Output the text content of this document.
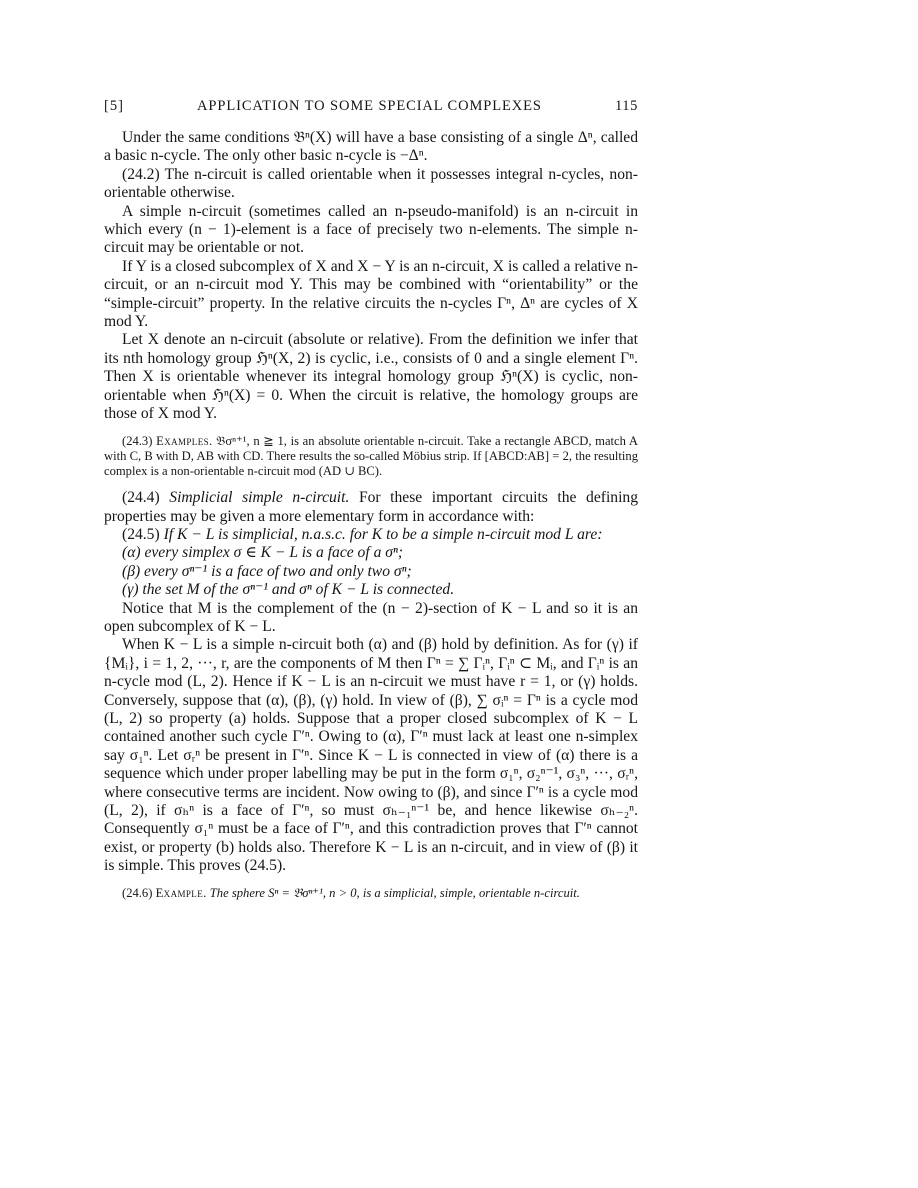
[5]	APPLICATION TO SOME SPECIAL COMPLEXES	115

Under the same conditions 𝔅ⁿ(X) will have a base consisting of a single Δⁿ, called a basic n-cycle. The only other basic n-cycle is −Δⁿ.

(24.2) The n-circuit is called orientable when it possesses integral n-cycles, non-orientable otherwise.

A simple n-circuit (sometimes called an n-pseudo-manifold) is an n-circuit in which every (n − 1)-element is a face of precisely two n-elements. The simple n-circuit may be orientable or not.

If Y is a closed subcomplex of X and X − Y is an n-circuit, X is called a relative n-circuit, or an n-circuit mod Y. This may be combined with “orientability” or the “simple-circuit” property. In the relative circuits the n-cycles Γⁿ, Δⁿ are cycles of X mod Y.

Let X denote an n-circuit (absolute or relative). From the definition we infer that its nth homology group ℌⁿ(X, 2) is cyclic, i.e., consists of 0 and a single element Γⁿ. Then X is orientable whenever its integral homology group ℌⁿ(X) is cyclic, non-orientable when ℌⁿ(X) = 0. When the circuit is relative, the homology groups are those of X mod Y.

(24.3) Examples. 𝔅σⁿ⁺¹, n ≧ 1, is an absolute orientable n-circuit. Take a rectangle ABCD, match A with C, B with D, AB with CD. There results the so-called Möbius strip. If [ABCD:AB] = 2, the resulting complex is a non-orientable n-circuit mod (AD ∪ BC).

(24.4) Simplicial simple n-circuit. For these important circuits the defining properties may be given a more elementary form in accordance with:

(24.5) If K − L is simplicial, n.a.s.c. for K to be a simple n-circuit mod L are:

(α) every simplex σ ∈ K − L is a face of a σⁿ;

(β) every σⁿ⁻¹ is a face of two and only two σⁿ;

(γ) the set M of the σⁿ⁻¹ and σⁿ of K − L is connected.

Notice that M is the complement of the (n − 2)-section of K − L and so it is an open subcomplex of K − L.

When K − L is a simple n-circuit both (α) and (β) hold by definition. As for (γ) if {Mᵢ}, i = 1, 2, ···, r, are the components of M then Γⁿ = ∑ Γᵢⁿ, Γᵢⁿ ⊂ Mᵢ, and Γᵢⁿ is an n-cycle mod (L, 2). Hence if K − L is an n-circuit we must have r = 1, or (γ) holds. Conversely, suppose that (α), (β), (γ) hold. In view of (β), ∑ σᵢⁿ = Γⁿ is a cycle mod (L, 2) so property (a) holds. Suppose that a proper closed subcomplex of K − L contained another such cycle Γ′ⁿ. Owing to (α), Γ′ⁿ must lack at least one n-simplex say σ₁ⁿ. Let σᵣⁿ be present in Γ′ⁿ. Since K − L is connected in view of (α) there is a sequence which under proper labelling may be put in the form σ₁ⁿ, σ₂ⁿ⁻¹, σ₃ⁿ, ···, σᵣⁿ, where consecutive terms are incident. Now owing to (β), and since Γ′ⁿ is a cycle mod (L, 2), if σₕⁿ is a face of Γ′ⁿ, so must σₕ₋₁ⁿ⁻¹ be, and hence likewise σₕ₋₂ⁿ. Consequently σ₁ⁿ must be a face of Γ′ⁿ, and this contradiction proves that Γ′ⁿ cannot exist, or property (b) holds also. Therefore K − L is an n-circuit, and in view of (β) it is simple. This proves (24.5).

(24.6) Example. The sphere Sⁿ = 𝔅σⁿ⁺¹, n > 0, is a simplicial, simple, orientable n-circuit.
